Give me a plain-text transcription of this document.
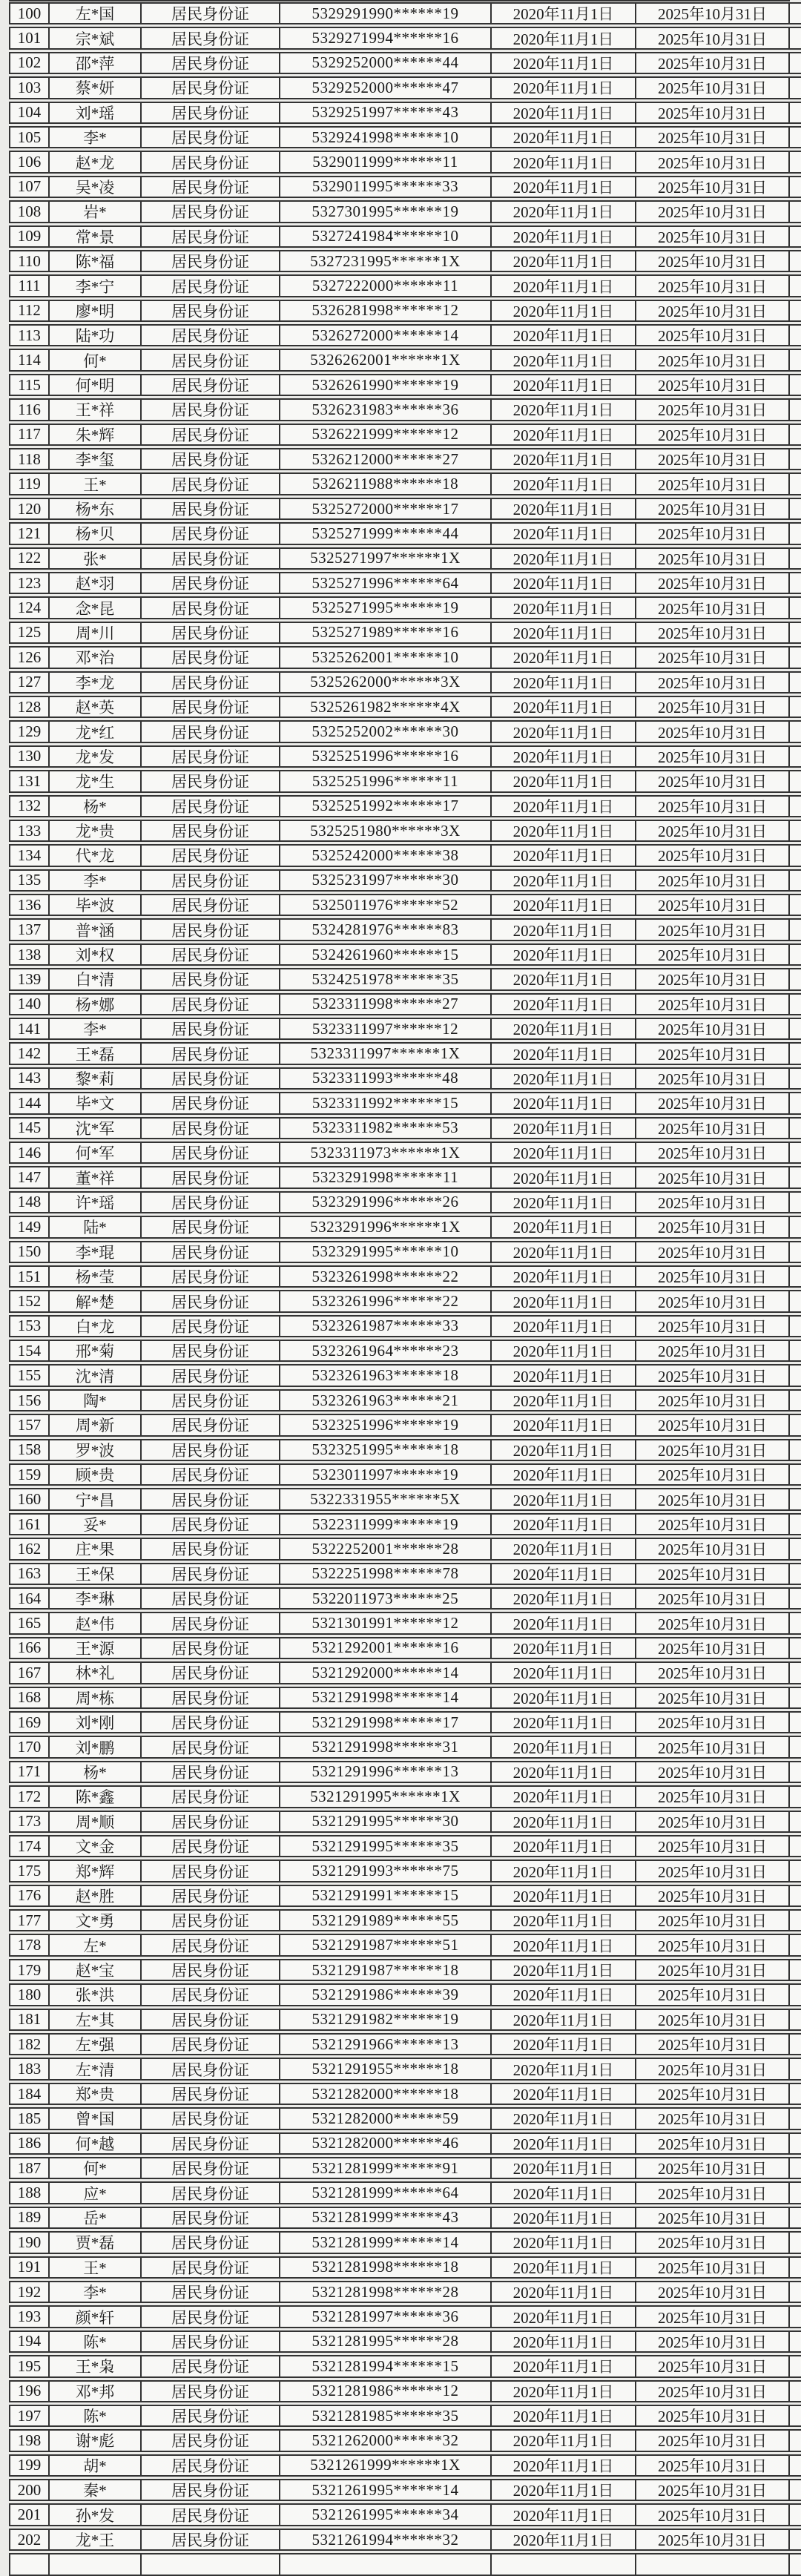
100	左*国	居民身份证	5329291990******19	2020年11月1日	2025年10月31日
101	宗*斌	居民身份证	5329271994******16	2020年11月1日	2025年10月31日
102	邵*萍	居民身份证	5329252000******44	2020年11月1日	2025年10月31日
103	蔡*妍	居民身份证	5329252000******47	2020年11月1日	2025年10月31日
104	刘*瑶	居民身份证	5329251997******43	2020年11月1日	2025年10月31日
105	李*	居民身份证	5329241998******10	2020年11月1日	2025年10月31日
106	赵*龙	居民身份证	5329011999******11	2020年11月1日	2025年10月31日
107	吴*凌	居民身份证	5329011995******33	2020年11月1日	2025年10月31日
108	岩*	居民身份证	5327301995******19	2020年11月1日	2025年10月31日
109	常*景	居民身份证	5327241984******10	2020年11月1日	2025年10月31日
110	陈*福	居民身份证	5327231995******1X	2020年11月1日	2025年10月31日
111	李*宁	居民身份证	5327222000******11	2020年11月1日	2025年10月31日
112	廖*明	居民身份证	5326281998******12	2020年11月1日	2025年10月31日
113	陆*功	居民身份证	5326272000******14	2020年11月1日	2025年10月31日
114	何*	居民身份证	5326262001******1X	2020年11月1日	2025年10月31日
115	何*明	居民身份证	5326261990******19	2020年11月1日	2025年10月31日
116	王*祥	居民身份证	5326231983******36	2020年11月1日	2025年10月31日
117	朱*辉	居民身份证	5326221999******12	2020年11月1日	2025年10月31日
118	李*玺	居民身份证	5326212000******27	2020年11月1日	2025年10月31日
119	王*	居民身份证	5326211988******18	2020年11月1日	2025年10月31日
120	杨*东	居民身份证	5325272000******17	2020年11月1日	2025年10月31日
121	杨*贝	居民身份证	5325271999******44	2020年11月1日	2025年10月31日
122	张*	居民身份证	5325271997******1X	2020年11月1日	2025年10月31日
123	赵*羽	居民身份证	5325271996******64	2020年11月1日	2025年10月31日
124	念*昆	居民身份证	5325271995******19	2020年11月1日	2025年10月31日
125	周*川	居民身份证	5325271989******16	2020年11月1日	2025年10月31日
126	邓*治	居民身份证	5325262001******10	2020年11月1日	2025年10月31日
127	李*龙	居民身份证	5325262000******3X	2020年11月1日	2025年10月31日
128	赵*英	居民身份证	5325261982******4X	2020年11月1日	2025年10月31日
129	龙*红	居民身份证	5325252002******30	2020年11月1日	2025年10月31日
130	龙*发	居民身份证	5325251996******16	2020年11月1日	2025年10月31日
131	龙*生	居民身份证	5325251996******11	2020年11月1日	2025年10月31日
132	杨*	居民身份证	5325251992******17	2020年11月1日	2025年10月31日
133	龙*贵	居民身份证	5325251980******3X	2020年11月1日	2025年10月31日
134	代*龙	居民身份证	5325242000******38	2020年11月1日	2025年10月31日
135	李*	居民身份证	5325231997******30	2020年11月1日	2025年10月31日
136	毕*波	居民身份证	5325011976******52	2020年11月1日	2025年10月31日
137	普*涵	居民身份证	5324281976******83	2020年11月1日	2025年10月31日
138	刘*权	居民身份证	5324261960******15	2020年11月1日	2025年10月31日
139	白*清	居民身份证	5324251978******35	2020年11月1日	2025年10月31日
140	杨*娜	居民身份证	5323311998******27	2020年11月1日	2025年10月31日
141	李*	居民身份证	5323311997******12	2020年11月1日	2025年10月31日
142	王*磊	居民身份证	5323311997******1X	2020年11月1日	2025年10月31日
143	黎*莉	居民身份证	5323311993******48	2020年11月1日	2025年10月31日
144	毕*文	居民身份证	5323311992******15	2020年11月1日	2025年10月31日
145	沈*军	居民身份证	5323311982******53	2020年11月1日	2025年10月31日
146	何*军	居民身份证	5323311973******1X	2020年11月1日	2025年10月31日
147	董*祥	居民身份证	5323291998******11	2020年11月1日	2025年10月31日
148	许*瑶	居民身份证	5323291996******26	2020年11月1日	2025年10月31日
149	陆*	居民身份证	5323291996******1X	2020年11月1日	2025年10月31日
150	李*琨	居民身份证	5323291995******10	2020年11月1日	2025年10月31日
151	杨*莹	居民身份证	5323261998******22	2020年11月1日	2025年10月31日
152	解*楚	居民身份证	5323261996******22	2020年11月1日	2025年10月31日
153	白*龙	居民身份证	5323261987******33	2020年11月1日	2025年10月31日
154	邢*菊	居民身份证	5323261964******23	2020年11月1日	2025年10月31日
155	沈*清	居民身份证	5323261963******18	2020年11月1日	2025年10月31日
156	陶*	居民身份证	5323261963******21	2020年11月1日	2025年10月31日
157	周*新	居民身份证	5323251996******19	2020年11月1日	2025年10月31日
158	罗*波	居民身份证	5323251995******18	2020年11月1日	2025年10月31日
159	顾*贵	居民身份证	5323011997******19	2020年11月1日	2025年10月31日
160	宁*昌	居民身份证	5322331955******5X	2020年11月1日	2025年10月31日
161	妥*	居民身份证	5322311999******19	2020年11月1日	2025年10月31日
162	庄*果	居民身份证	5322252001******28	2020年11月1日	2025年10月31日
163	王*保	居民身份证	5322251998******78	2020年11月1日	2025年10月31日
164	李*琳	居民身份证	5322011973******25	2020年11月1日	2025年10月31日
165	赵*伟	居民身份证	5321301991******12	2020年11月1日	2025年10月31日
166	王*源	居民身份证	5321292001******16	2020年11月1日	2025年10月31日
167	林*礼	居民身份证	5321292000******14	2020年11月1日	2025年10月31日
168	周*栋	居民身份证	5321291998******14	2020年11月1日	2025年10月31日
169	刘*刚	居民身份证	5321291998******17	2020年11月1日	2025年10月31日
170	刘*鹏	居民身份证	5321291998******31	2020年11月1日	2025年10月31日
171	杨*	居民身份证	5321291996******13	2020年11月1日	2025年10月31日
172	陈*鑫	居民身份证	5321291995******1X	2020年11月1日	2025年10月31日
173	周*顺	居民身份证	5321291995******30	2020年11月1日	2025年10月31日
174	文*金	居民身份证	5321291995******35	2020年11月1日	2025年10月31日
175	郑*辉	居民身份证	5321291993******75	2020年11月1日	2025年10月31日
176	赵*胜	居民身份证	5321291991******15	2020年11月1日	2025年10月31日
177	文*勇	居民身份证	5321291989******55	2020年11月1日	2025年10月31日
178	左*	居民身份证	5321291987******51	2020年11月1日	2025年10月31日
179	赵*宝	居民身份证	5321291987******18	2020年11月1日	2025年10月31日
180	张*洪	居民身份证	5321291986******39	2020年11月1日	2025年10月31日
181	左*其	居民身份证	5321291982******19	2020年11月1日	2025年10月31日
182	左*强	居民身份证	5321291966******13	2020年11月1日	2025年10月31日
183	左*清	居民身份证	5321291955******18	2020年11月1日	2025年10月31日
184	郑*贵	居民身份证	5321282000******18	2020年11月1日	2025年10月31日
185	曾*国	居民身份证	5321282000******59	2020年11月1日	2025年10月31日
186	何*越	居民身份证	5321282000******46	2020年11月1日	2025年10月31日
187	何*	居民身份证	5321281999******91	2020年11月1日	2025年10月31日
188	应*	居民身份证	5321281999******64	2020年11月1日	2025年10月31日
189	岳*	居民身份证	5321281999******43	2020年11月1日	2025年10月31日
190	贾*磊	居民身份证	5321281999******14	2020年11月1日	2025年10月31日
191	王*	居民身份证	5321281998******18	2020年11月1日	2025年10月31日
192	李*	居民身份证	5321281998******28	2020年11月1日	2025年10月31日
193	颜*轩	居民身份证	5321281997******36	2020年11月1日	2025年10月31日
194	陈*	居民身份证	5321281995******28	2020年11月1日	2025年10月31日
195	王*枭	居民身份证	5321281994******15	2020年11月1日	2025年10月31日
196	邓*邦	居民身份证	5321281986******12	2020年11月1日	2025年10月31日
197	陈*	居民身份证	5321281985******35	2020年11月1日	2025年10月31日
198	谢*彪	居民身份证	5321262000******32	2020年11月1日	2025年10月31日
199	胡*	居民身份证	5321261999******1X	2020年11月1日	2025年10月31日
200	秦*	居民身份证	5321261995******14	2020年11月1日	2025年10月31日
201	孙*发	居民身份证	5321261995******34	2020年11月1日	2025年10月31日
202	龙*王	居民身份证	5321261994******32	2020年11月1日	2025年10月31日
